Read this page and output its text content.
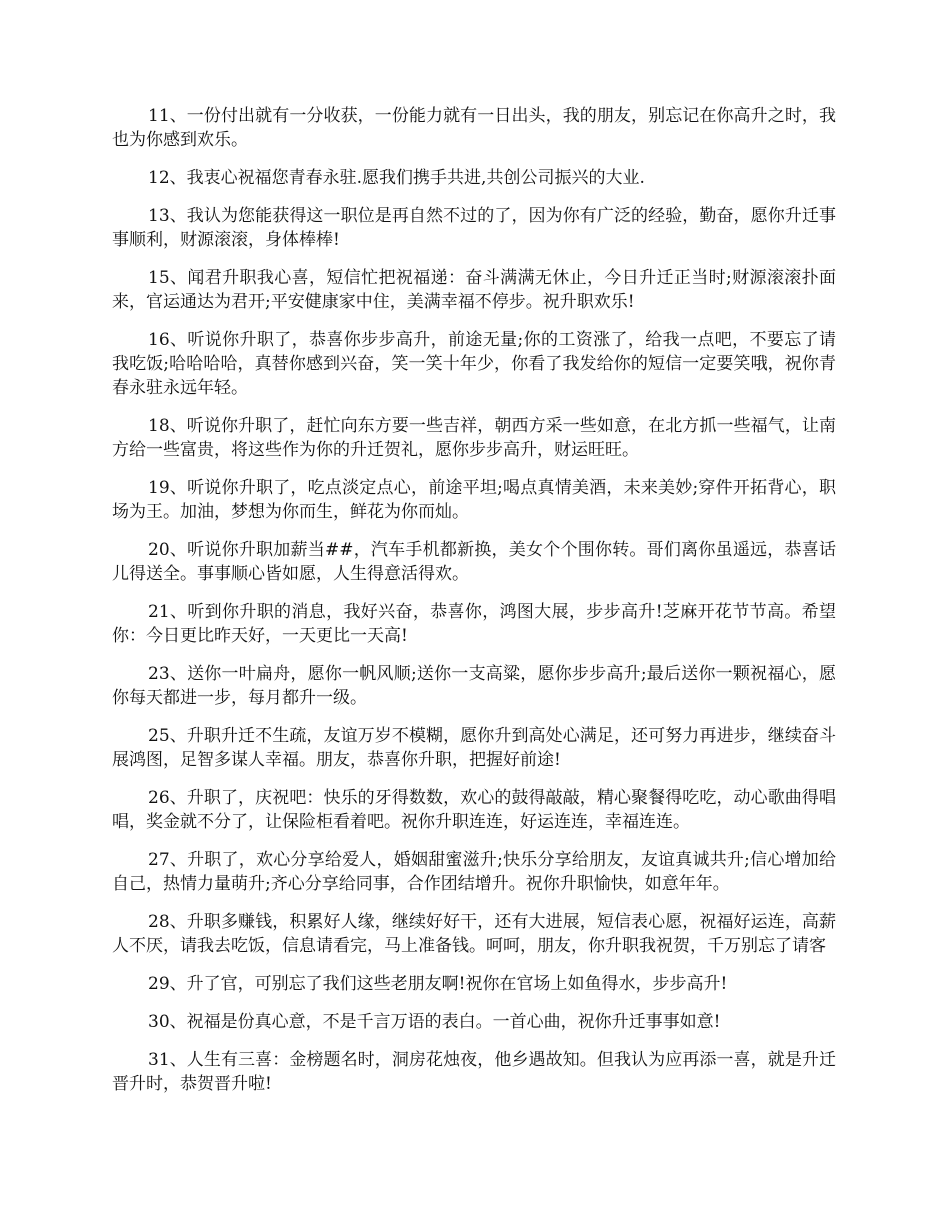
11、一份付出就有一分收获，一份能力就有一日出头，我的朋友，别忘记在你高升之时，我也为你感到欢乐。

12、我衷心祝福您青春永驻.愿我们携手共进,共创公司振兴的大业.

13、我认为您能获得这一职位是再自然不过的了，因为你有广泛的经验，勤奋，愿你升迁事事顺利，财源滚滚，身体棒棒!

15、闻君升职我心喜，短信忙把祝福递：奋斗满满无休止，今日升迁正当时;财源滚滚扑面来，官运通达为君开;平安健康家中住，美满幸福不停步。祝升职欢乐!

16、听说你升职了，恭喜你步步高升，前途无量;你的工资涨了，给我一点吧，不要忘了请我吃饭;哈哈哈哈，真替你感到兴奋，笑一笑十年少，你看了我发给你的短信一定要笑哦，祝你青春永驻永远年轻。

18、听说你升职了，赶忙向东方要一些吉祥，朝西方采一些如意，在北方抓一些福气，让南方给一些富贵，将这些作为你的升迁贺礼，愿你步步高升，财运旺旺。

19、听说你升职了，吃点淡定点心，前途平坦;喝点真情美酒，未来美妙;穿件开拓背心，职场为王。加油，梦想为你而生，鲜花为你而灿。

20、听说你升职加薪当##，汽车手机都新换，美女个个围你转。哥们离你虽遥远，恭喜话儿得送全。事事顺心皆如愿，人生得意活得欢。

21、听到你升职的消息，我好兴奋，恭喜你，鸿图大展，步步高升!芝麻开花节节高。希望你：今日更比昨天好，一天更比一天高!

23、送你一叶扁舟，愿你一帆风顺;送你一支高粱，愿你步步高升;最后送你一颗祝福心，愿你每天都进一步，每月都升一级。

25、升职升迁不生疏，友谊万岁不模糊，愿你升到高处心满足，还可努力再进步，继续奋斗展鸿图，足智多谋人幸福。朋友，恭喜你升职，把握好前途!

26、升职了，庆祝吧：快乐的牙得数数，欢心的鼓得敲敲，精心聚餐得吃吃，动心歌曲得唱唱，奖金就不分了，让保险柜看着吧。祝你升职连连，好运连连，幸福连连。

27、升职了，欢心分享给爱人，婚姻甜蜜滋升;快乐分享给朋友，友谊真诚共升;信心增加给自己，热情力量萌升;齐心分享给同事，合作团结增升。祝你升职愉快，如意年年。

28、升职多赚钱，积累好人缘，继续好好干，还有大进展，短信表心愿，祝福好运连，高薪人不厌，请我去吃饭，信息请看完，马上准备钱。呵呵，朋友，你升职我祝贺，千万别忘了请客

29、升了官，可别忘了我们这些老朋友啊!祝你在官场上如鱼得水，步步高升!

30、祝福是份真心意，不是千言万语的表白。一首心曲，祝你升迁事事如意!

31、人生有三喜：金榜题名时，洞房花烛夜，他乡遇故知。但我认为应再添一喜，就是升迁晋升时，恭贺晋升啦!
